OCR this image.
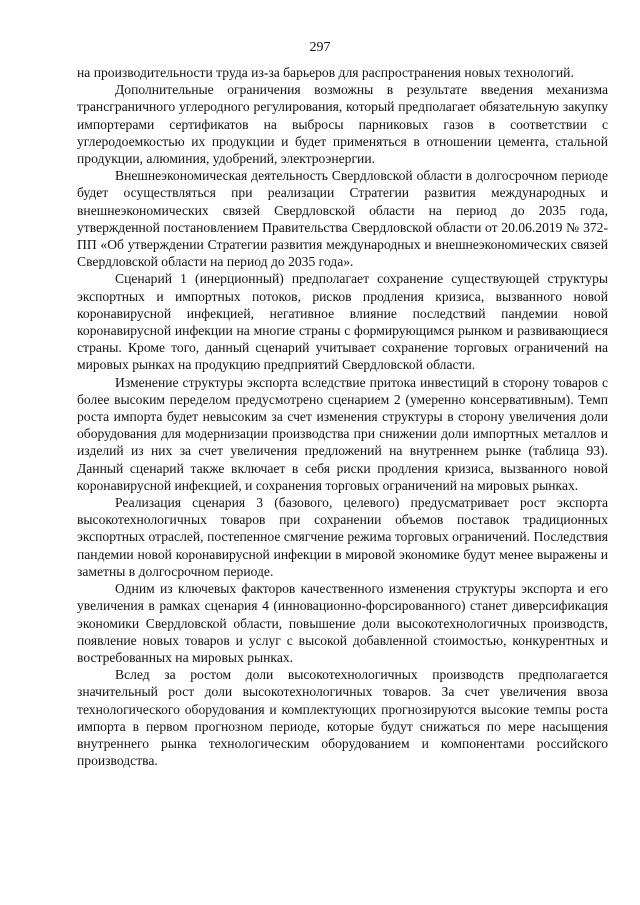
297

на производительности труда из-за барьеров для распространения новых технологий.

Дополнительные ограничения возможны в результате введения механизма трансграничного углеродного регулирования, который предполагает обязательную закупку импортерами сертификатов на выбросы парниковых газов в соответствии с углеродоемкостью их продукции и будет применяться в отношении цемента, стальной продукции, алюминия, удобрений, электроэнергии.

Внешнеэкономическая деятельность Свердловской области в долгосрочном периоде будет осуществляться при реализации Стратегии развития международных и внешнеэкономических связей Свердловской области на период до 2035 года, утвержденной постановлением Правительства Свердловской области от 20.06.2019 № 372-ПП «Об утверждении Стратегии развития международных и внешнеэкономических связей Свердловской области на период до 2035 года».

Сценарий 1 (инерционный) предполагает сохранение существующей структуры экспортных и импортных потоков, рисков продления кризиса, вызванного новой коронавирусной инфекцией, негативное влияние последствий пандемии новой коронавирусной инфекции на многие страны с формирующимся рынком и развивающиеся страны. Кроме того, данный сценарий учитывает сохранение торговых ограничений на мировых рынках на продукцию предприятий Свердловской области.

Изменение структуры экспорта вследствие притока инвестиций в сторону товаров с более высоким переделом предусмотрено сценарием 2 (умеренно консервативным). Темп роста импорта будет невысоким за счет изменения структуры в сторону увеличения доли оборудования для модернизации производства при снижении доли импортных металлов и изделий из них за счет увеличения предложений на внутреннем рынке (таблица 93). Данный сценарий также включает в себя риски продления кризиса, вызванного новой коронавирусной инфекцией, и сохранения торговых ограничений на мировых рынках.

Реализация сценария 3 (базового, целевого) предусматривает рост экспорта высокотехнологичных товаров при сохранении объемов поставок традиционных экспортных отраслей, постепенное смягчение режима торговых ограничений. Последствия пандемии новой коронавирусной инфекции в мировой экономике будут менее выражены и заметны в долгосрочном периоде.

Одним из ключевых факторов качественного изменения структуры экспорта и его увеличения в рамках сценария 4 (инновационно-форсированного) станет диверсификация экономики Свердловской области, повышение доли высокотехнологичных производств, появление новых товаров и услуг с высокой добавленной стоимостью, конкурентных и востребованных на мировых рынках.

Вслед за ростом доли высокотехнологичных производств предполагается значительный рост доли высокотехнологичных товаров. За счет увеличения ввоза технологического оборудования и комплектующих прогнозируются высокие темпы роста импорта в первом прогнозном периоде, которые будут снижаться по мере насыщения внутреннего рынка технологическим оборудованием и компонентами российского производства.
